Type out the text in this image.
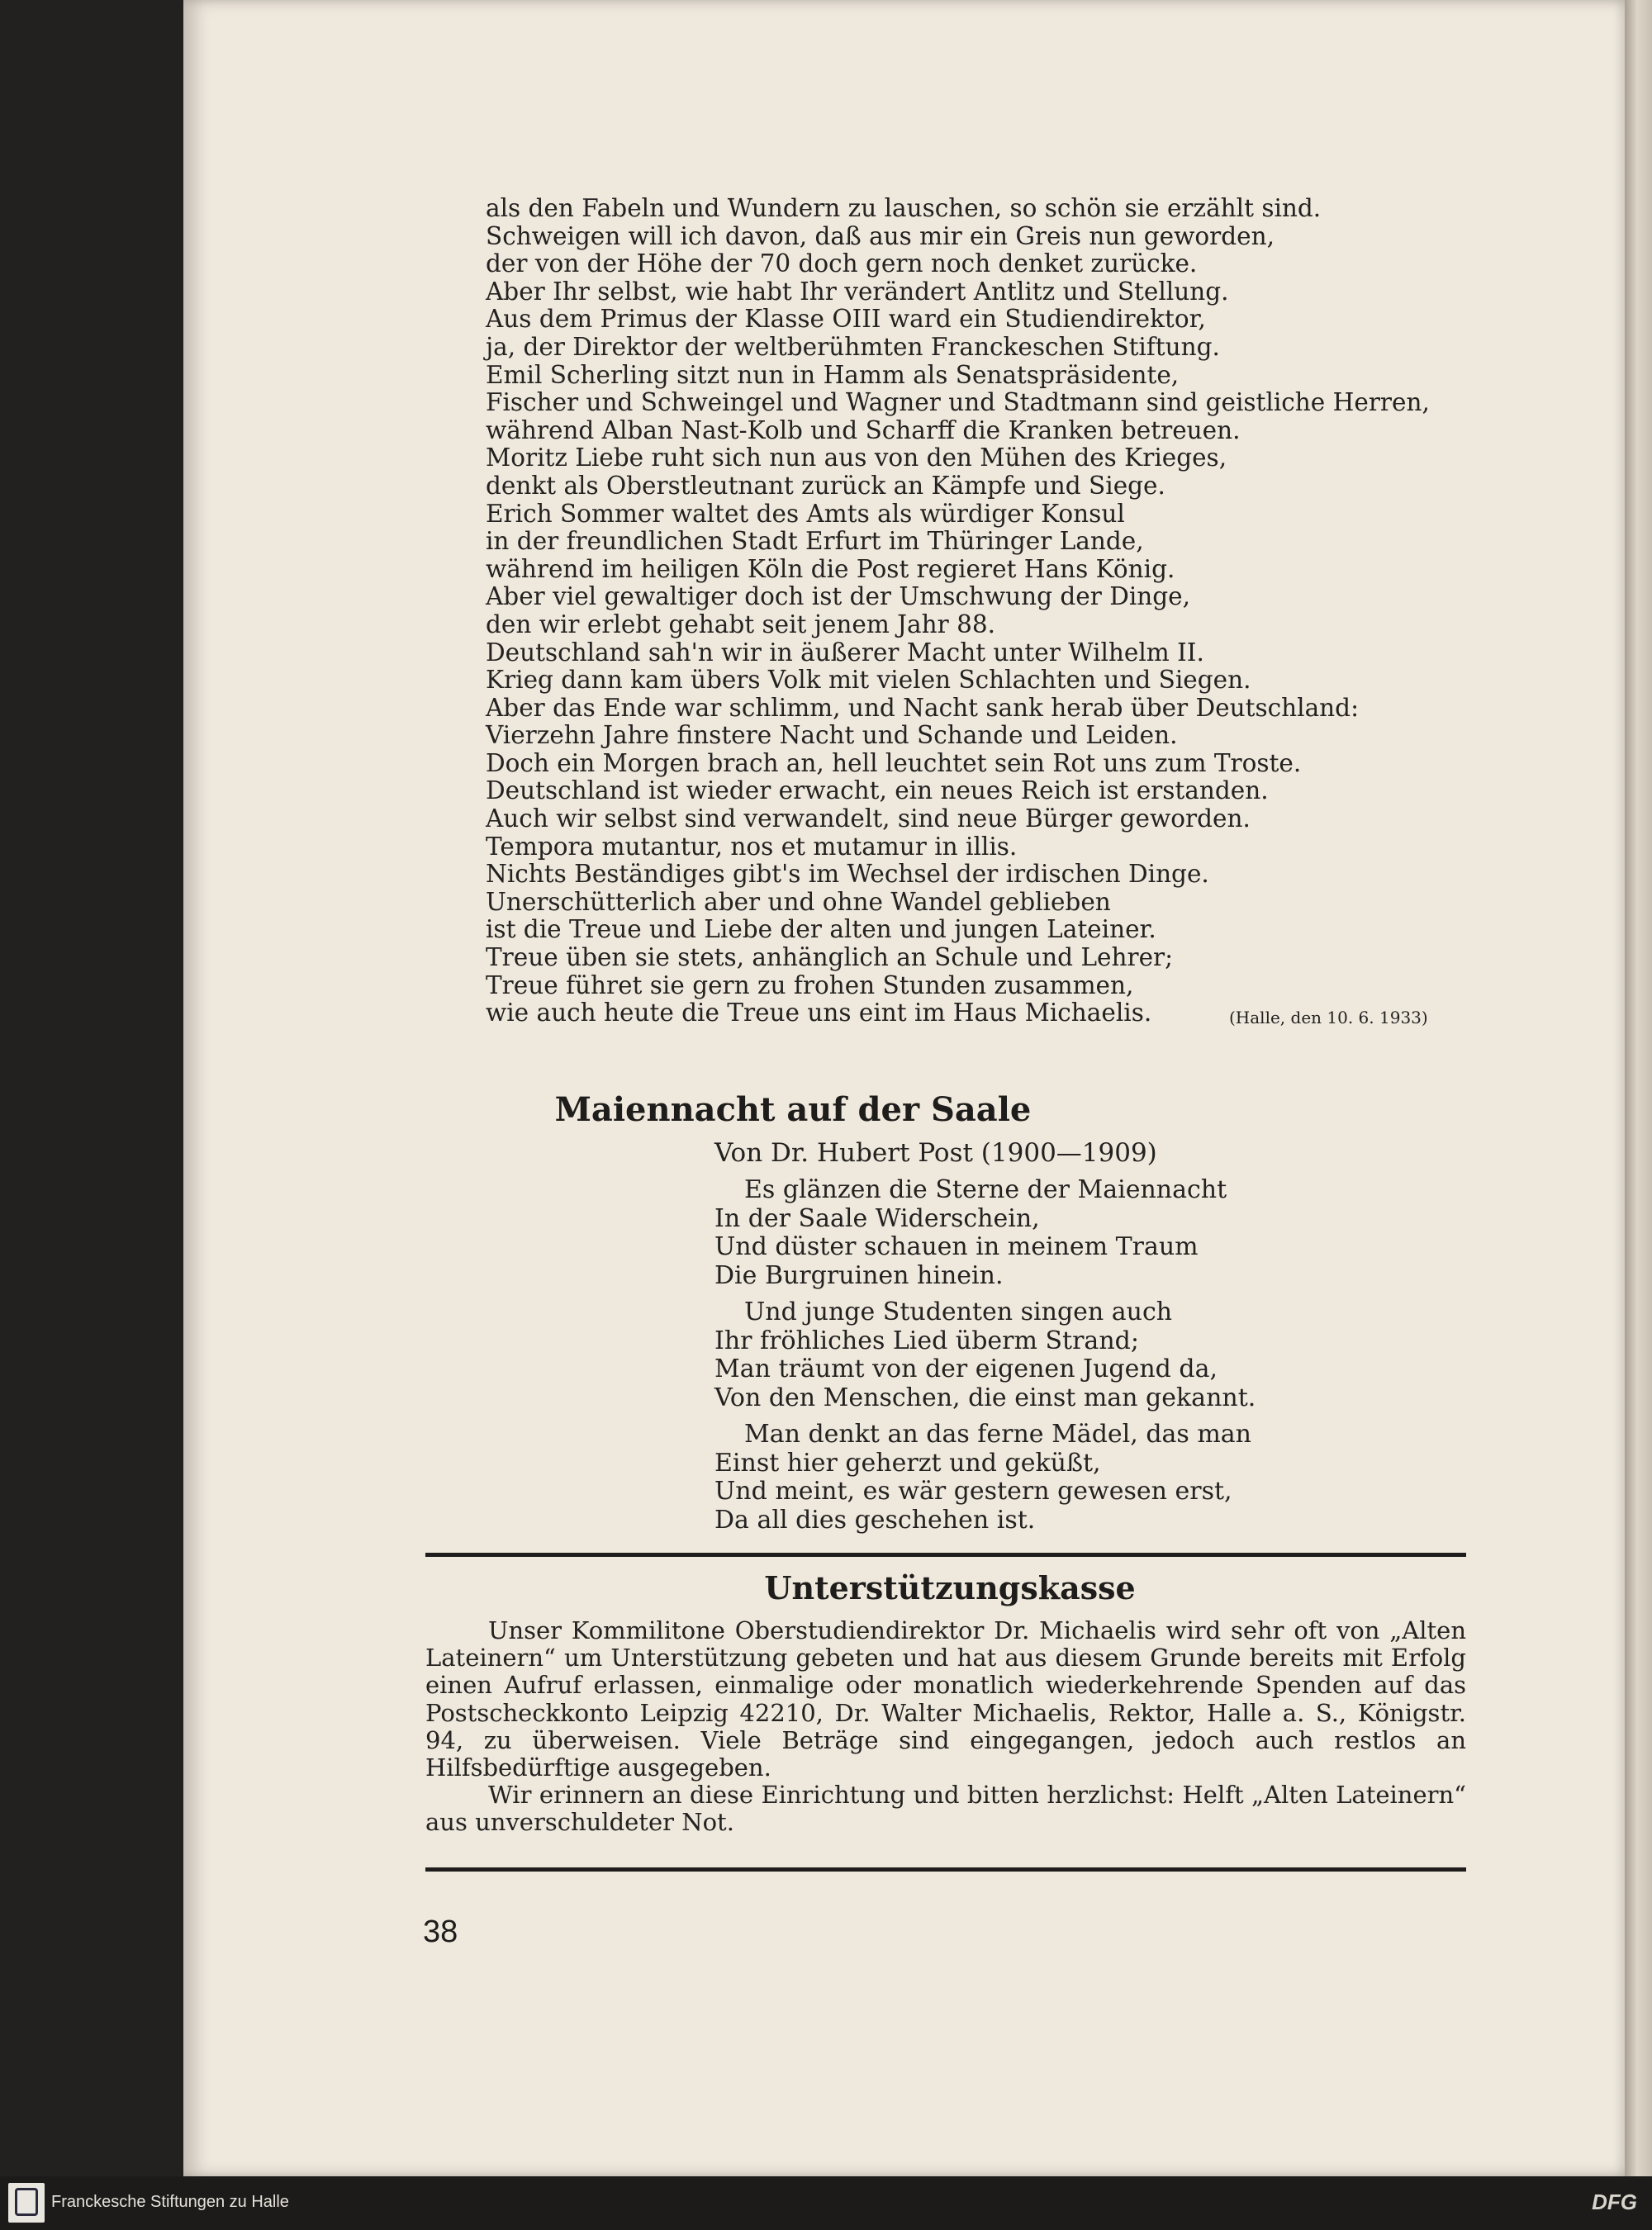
als den Fabeln und Wundern zu lauschen, so schön sie erzählt sind.
Schweigen will ich davon, daß aus mir ein Greis nun geworden,
der von der Höhe der 70 doch gern noch denket zurücke.
Aber Ihr selbst, wie habt Ihr verändert Antlitz und Stellung.
Aus dem Primus der Klasse OIII ward ein Studiendirektor,
ja, der Direktor der weltberühmten Franckeschen Stiftung.
Emil Scherling sitzt nun in Hamm als Senatspräsidente,
Fischer und Schweingel und Wagner und Stadtmann sind geistliche Herren,
während Alban Nast-Kolb und Scharff die Kranken betreuen.
Moritz Liebe ruht sich nun aus von den Mühen des Krieges,
denkt als Oberstleutnant zurück an Kämpfe und Siege.
Erich Sommer waltet des Amts als würdiger Konsul
in der freundlichen Stadt Erfurt im Thüringer Lande,
während im heiligen Köln die Post regieret Hans König.
Aber viel gewaltiger doch ist der Umschwung der Dinge,
den wir erlebt gehabt seit jenem Jahr 88.
Deutschland sah'n wir in äußerer Macht unter Wilhelm II.
Krieg dann kam übers Volk mit vielen Schlachten und Siegen.
Aber das Ende war schlimm, und Nacht sank herab über Deutschland:
Vierzehn Jahre finstere Nacht und Schande und Leiden.
Doch ein Morgen brach an, hell leuchtet sein Rot uns zum Troste.
Deutschland ist wieder erwacht, ein neues Reich ist erstanden.
Auch wir selbst sind verwandelt, sind neue Bürger geworden.
Tempora mutantur, nos et mutamur in illis.
Nichts Beständiges gibt's im Wechsel der irdischen Dinge.
Unerschütterlich aber und ohne Wandel geblieben
ist die Treue und Liebe der alten und jungen Lateiner.
Treue üben sie stets, anhänglich an Schule und Lehrer;
Treue führet sie gern zu frohen Stunden zusammen,
wie auch heute die Treue uns eint im Haus Michaelis.	(Halle, den 10. 6. 1933)
Maiennacht auf der Saale
Von Dr. Hubert Post (1900—1909)
Es glänzen die Sterne der Maiennacht
In der Saale Widerschein,
Und düster schauen in meinem Traum
Die Burgruinen hinein.
Und junge Studenten singen auch
Ihr fröhliches Lied überm Strand;
Man träumt von der eigenen Jugend da,
Von den Menschen, die einst man gekannt.
Man denkt an das ferne Mädel, das man
Einst hier geherzt und geküßt,
Und meint, es wär gestern gewesen erst,
Da all dies geschehen ist.
Unterstützungskasse

Unser Kommilitone Oberstudiendirektor Dr. Michaelis wird sehr oft von „Alten Lateinern“ um Unterstützung gebeten und hat aus diesem Grunde bereits mit Erfolg einen Aufruf erlassen, einmalige oder monatlich wiederkehrende Spenden auf das Postscheckkonto Leipzig 42210, Dr. Walter Michaelis, Rektor, Halle a. S., Königstr. 94, zu überweisen. Viele Beträge sind eingegangen, jedoch auch restlos an Hilfsbedürftige ausgegeben.

Wir erinnern an diese Einrichtung und bitten herzlichst: Helft „Alten Lateinern“ aus unverschuldeter Not.

38
Franckesche Stiftungen zu Halle	DFG
